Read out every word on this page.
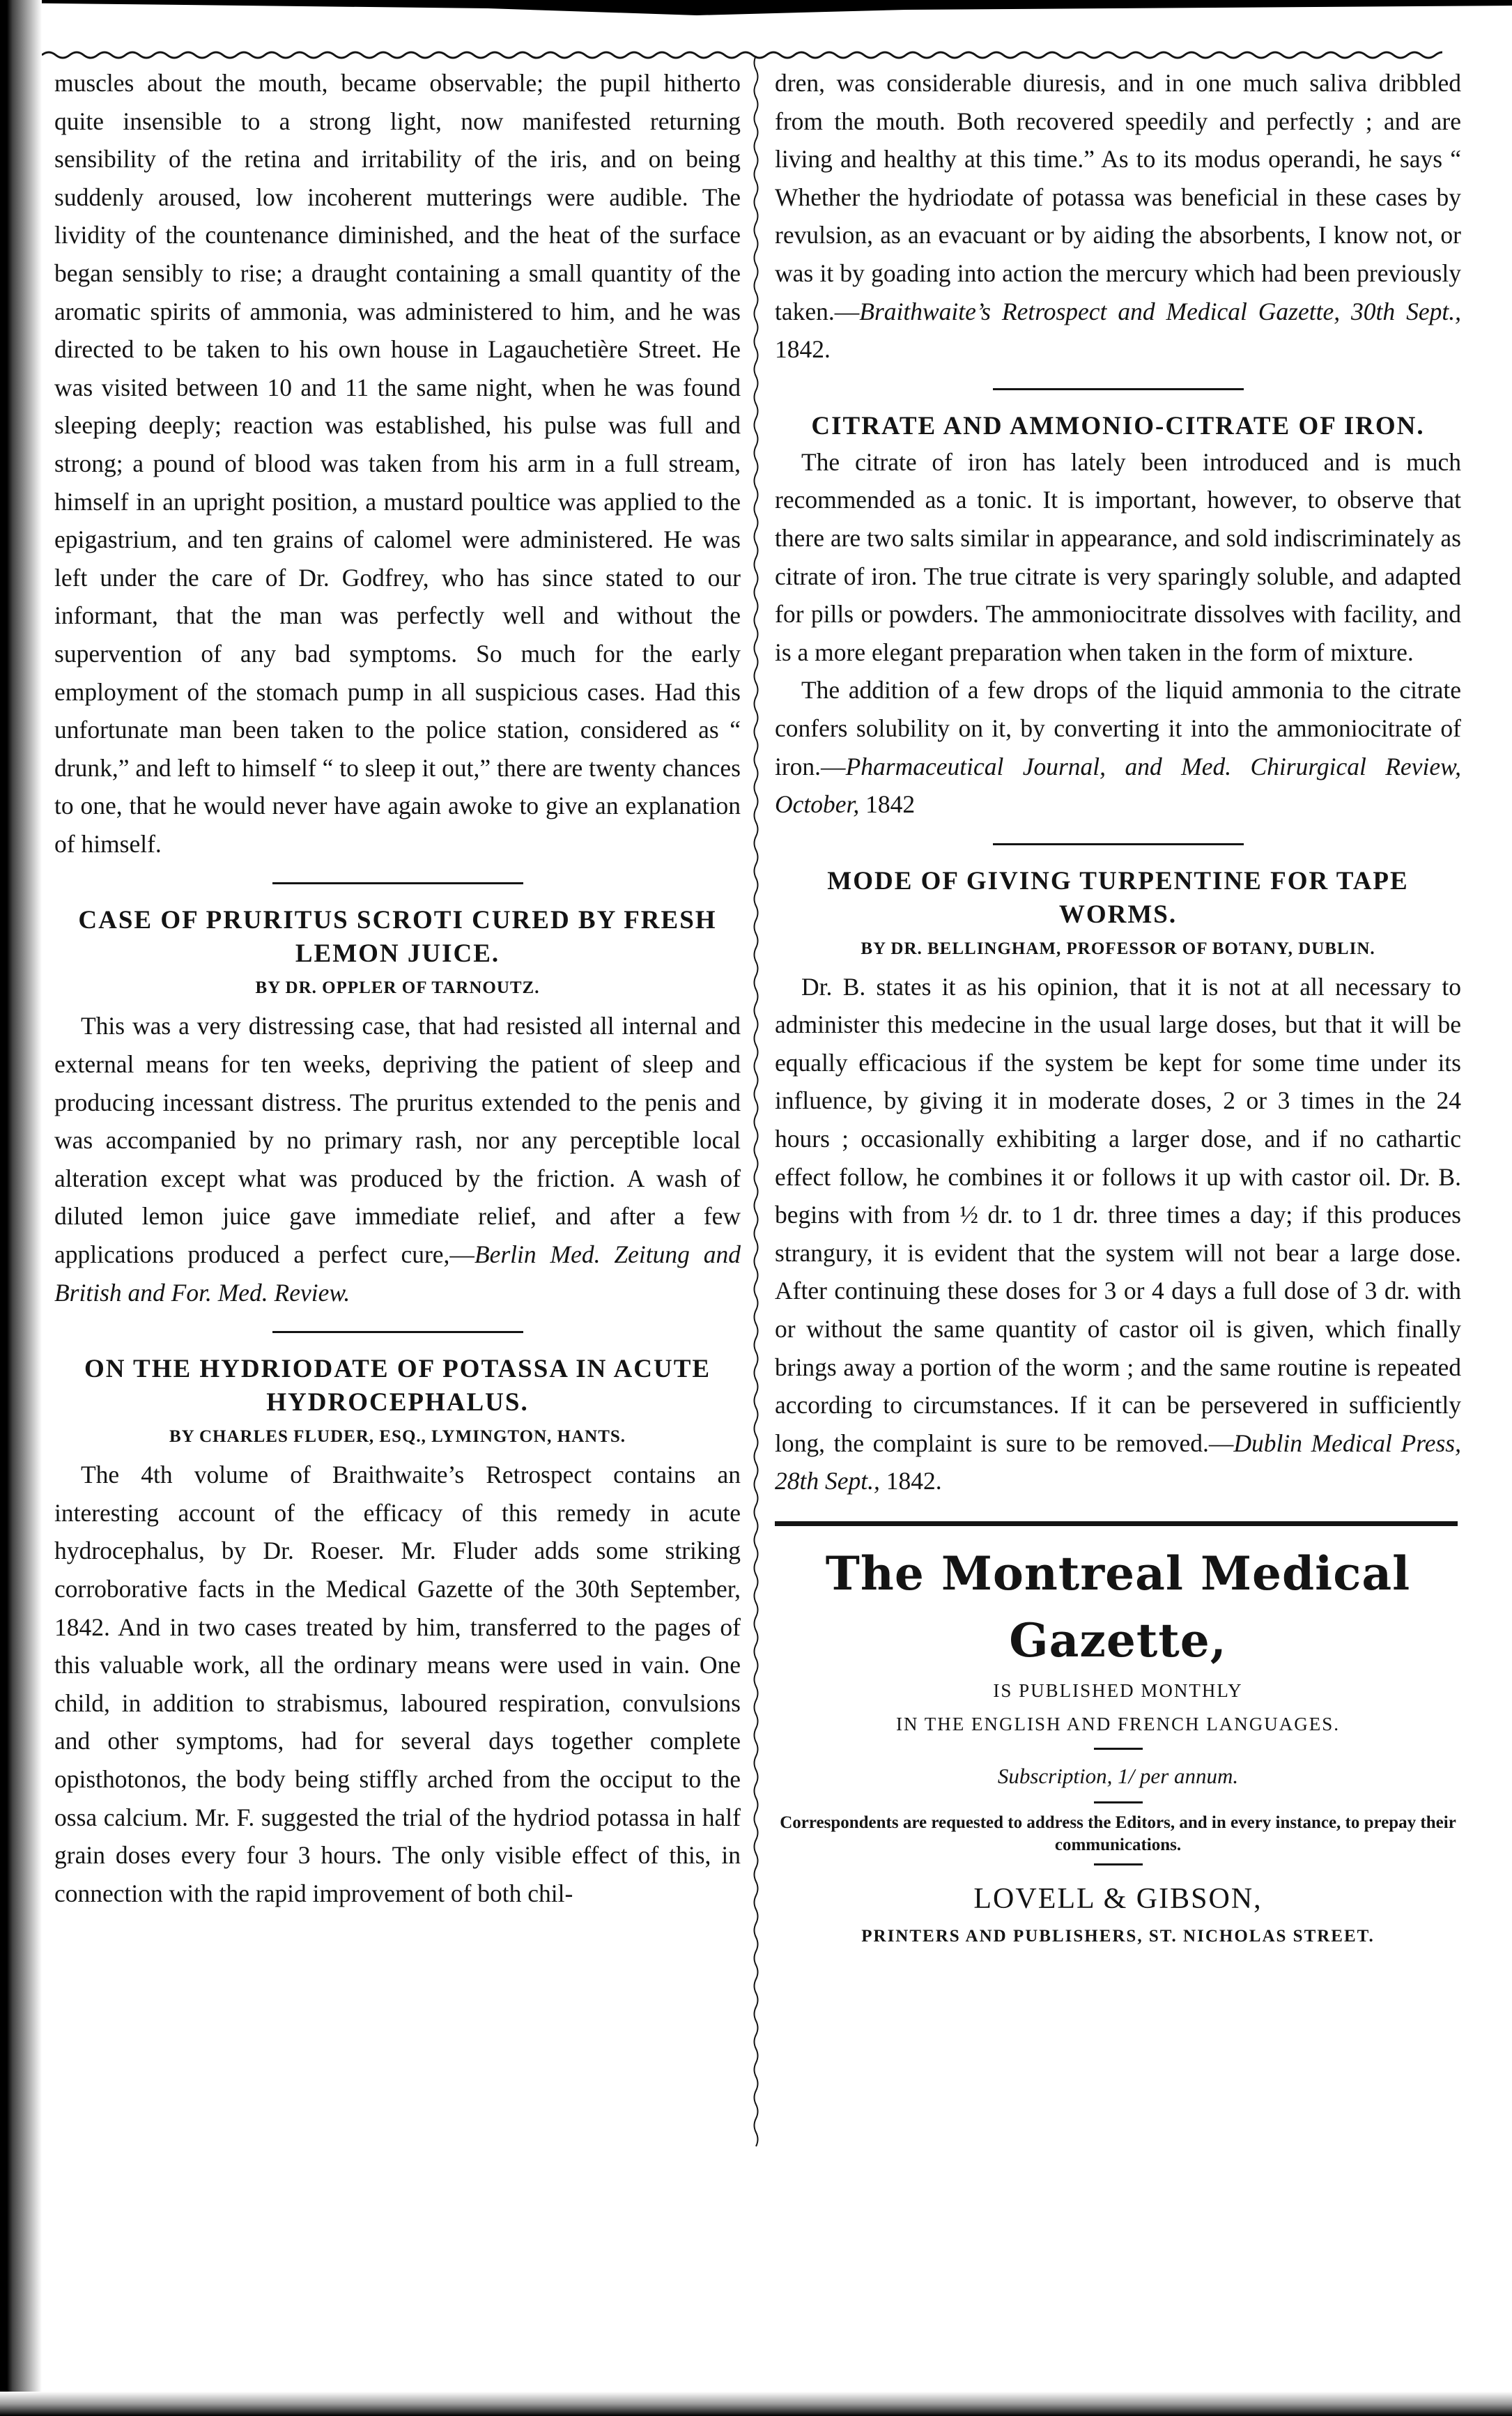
muscles about the mouth, became observable; the pupil hitherto quite insensible to a strong light, now manifested returning sensibility of the retina and irritability of the iris, and on being suddenly aroused, low incoherent mutterings were audible. The lividity of the countenance diminished, and the heat of the surface began sensibly to rise; a draught containing a small quantity of the aromatic spirits of ammonia, was administered to him, and he was directed to be taken to his own house in Lagauchetière Street. He was visited between 10 and 11 the same night, when he was found sleeping deeply; reaction was established, his pulse was full and strong; a pound of blood was taken from his arm in a full stream, himself in an upright position, a mustard poultice was applied to the epigastrium, and ten grains of calomel were administered. He was left under the care of Dr. Godfrey, who has since stated to our informant, that the man was perfectly well and without the supervention of any bad symptoms. So much for the early employment of the stomach pump in all suspicious cases. Had this unfortunate man been taken to the police station, considered as “ drunk,” and left to himself “ to sleep it out,” there are twenty chances to one, that he would never have again awoke to give an explanation of himself.

CASE OF PRURITUS SCROTI CURED BY FRESH LEMON JUICE.

BY DR. OPPLER OF TARNOUTZ.

This was a very distressing case, that had resisted all internal and external means for ten weeks, depriving the patient of sleep and producing incessant distress. The pruritus extended to the penis and was accompanied by no primary rash, nor any perceptible local alteration except what was produced by the friction. A wash of diluted lemon juice gave immediate relief, and after a few applications produced a perfect cure,—Berlin Med. Zeitung and British and For. Med. Review.

ON THE HYDRIODATE OF POTASSA IN ACUTE HYDROCEPHALUS.

BY CHARLES FLUDER, ESQ., LYMINGTON, HANTS.

The 4th volume of Braithwaite’s Retrospect contains an interesting account of the efficacy of this remedy in acute hydrocephalus, by Dr. Roeser. Mr. Fluder adds some striking corroborative facts in the Medical Gazette of the 30th September, 1842. And in two cases treated by him, transferred to the pages of this valuable work, all the ordinary means were used in vain. One child, in addition to strabismus, laboured respiration, convulsions and other symptoms, had for several days together complete opisthotonos, the body being stiffly arched from the occiput to the ossa calcium. Mr. F. suggested the trial of the hydriod potassa in half grain doses every four 3 hours. The only visible effect of this, in connection with the rapid improvement of both chil-

dren, was considerable diuresis, and in one much saliva dribbled from the mouth. Both recovered speedily and perfectly ; and are living and healthy at this time.” As to its modus operandi, he says “ Whether the hydriodate of potassa was beneficial in these cases by revulsion, as an evacuant or by aiding the absorbents, I know not, or was it by goading into action the mercury which had been previously taken.—Braithwaite’s Retrospect and Medical Gazette, 30th Sept., 1842.

CITRATE AND AMMONIO-CITRATE OF IRON.

The citrate of iron has lately been introduced and is much recommended as a tonic. It is important, however, to observe that there are two salts similar in appearance, and sold indiscriminately as citrate of iron. The true citrate is very sparingly soluble, and adapted for pills or powders. The ammoniocitrate dissolves with facility, and is a more elegant preparation when taken in the form of mixture.

The addition of a few drops of the liquid ammonia to the citrate confers solubility on it, by converting it into the ammoniocitrate of iron.—Pharmaceutical Journal, and Med. Chirurgical Review, October, 1842

MODE OF GIVING TURPENTINE FOR TAPE WORMS.

BY DR. BELLINGHAM, PROFESSOR OF BOTANY, DUBLIN.

Dr. B. states it as his opinion, that it is not at all necessary to administer this medecine in the usual large doses, but that it will be equally efficacious if the system be kept for some time under its influence, by giving it in moderate doses, 2 or 3 times in the 24 hours ; occasionally exhibiting a larger dose, and if no cathartic effect follow, he combines it or follows it up with castor oil. Dr. B. begins with from ½ dr. to 1 dr. three times a day; if this produces strangury, it is evident that the system will not bear a large dose. After continuing these doses for 3 or 4 days a full dose of 3 dr. with or without the same quantity of castor oil is given, which finally brings away a portion of the worm ; and the same routine is repeated according to circumstances. If it can be persevered in sufficiently long, the complaint is sure to be removed.—Dublin Medical Press, 28th Sept., 1842.

The Montreal Medical Gazette,

IS PUBLISHED MONTHLY

IN THE ENGLISH AND FRENCH LANGUAGES.

Subscription, 1/ per annum.

Correspondents are requested to address the Editors, and in every instance, to prepay their communications.

LOVELL & GIBSON,

PRINTERS AND PUBLISHERS, ST. NICHOLAS STREET.
